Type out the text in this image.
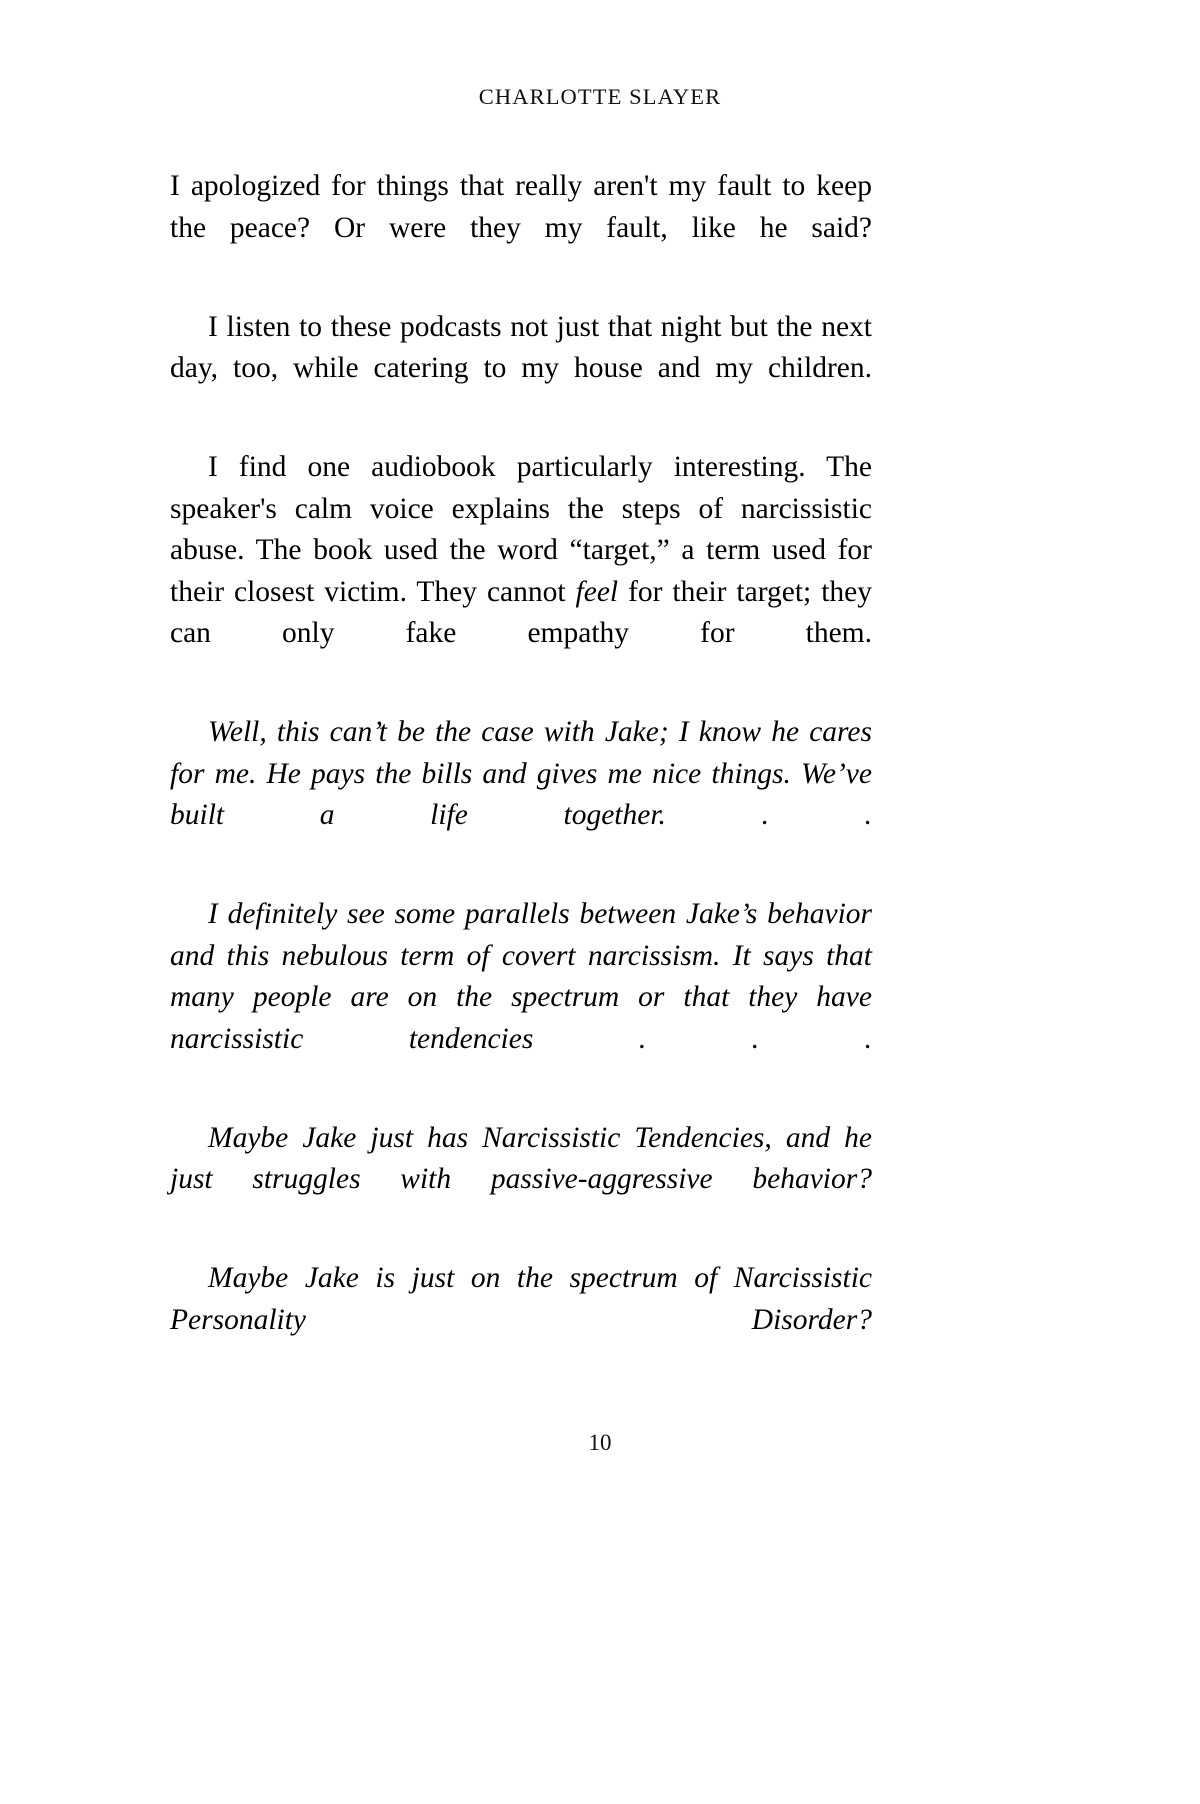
CHARLOTTE SLAYER

I apologized for things that really aren't my fault to keep the peace? Or were they my fault, like he said?

I listen to these podcasts not just that night but the next day, too, while catering to my house and my children.

I find one audiobook particularly interesting. The speaker's calm voice explains the steps of narcissistic abuse. The book used the word “target,” a term used for their closest victim. They cannot feel for their target; they can only fake empathy for them.

Well, this can’t be the case with Jake; I know he cares for me. He pays the bills and gives me nice things. We’ve built a life together. . .

I definitely see some parallels between Jake’s behavior and this nebulous term of covert narcissism. It says that many people are on the spectrum or that they have narcissistic tendencies . . .

Maybe Jake just has Narcissistic Tendencies, and he just struggles with passive-aggressive behavior?

Maybe Jake is just on the spectrum of Narcissistic Personality Disorder?

10
